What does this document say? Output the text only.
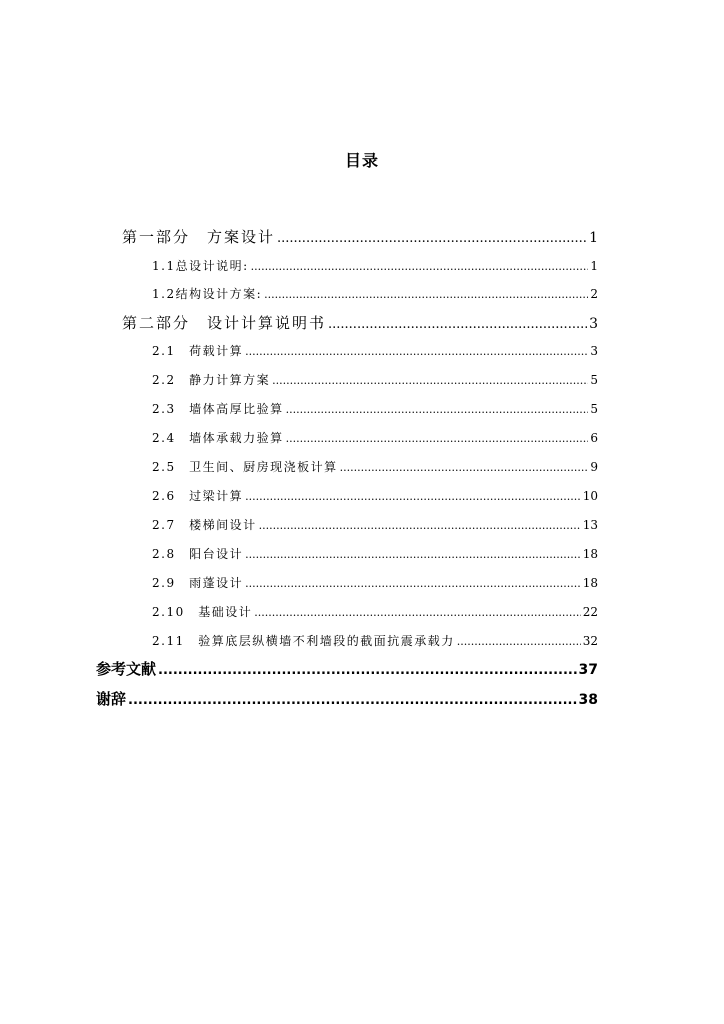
目录
第一部分　方案设计 .....	1
1.1总设计说明: .....	1
1.2结构设计方案: .....	2
第二部分　设计计算说明书 .....	3
2.1　荷载计算 .....	3
2.2　静力计算方案 .....	5
2.3　墙体高厚比验算 .....	5
2.4　墙体承载力验算 .....	6
2.5　卫生间、厨房现浇板计算 .....	9
2.6　过梁计算 .....	10
2.7　楼梯间设计 .....	13
2.8　阳台设计 .....	18
2.9　雨蓬设计 .....	18
2.10　基础设计 .....	22
2.11　验算底层纵横墙不利墙段的截面抗震承载力 .....	32
参考文献 .....	37
谢辞 .....	38
